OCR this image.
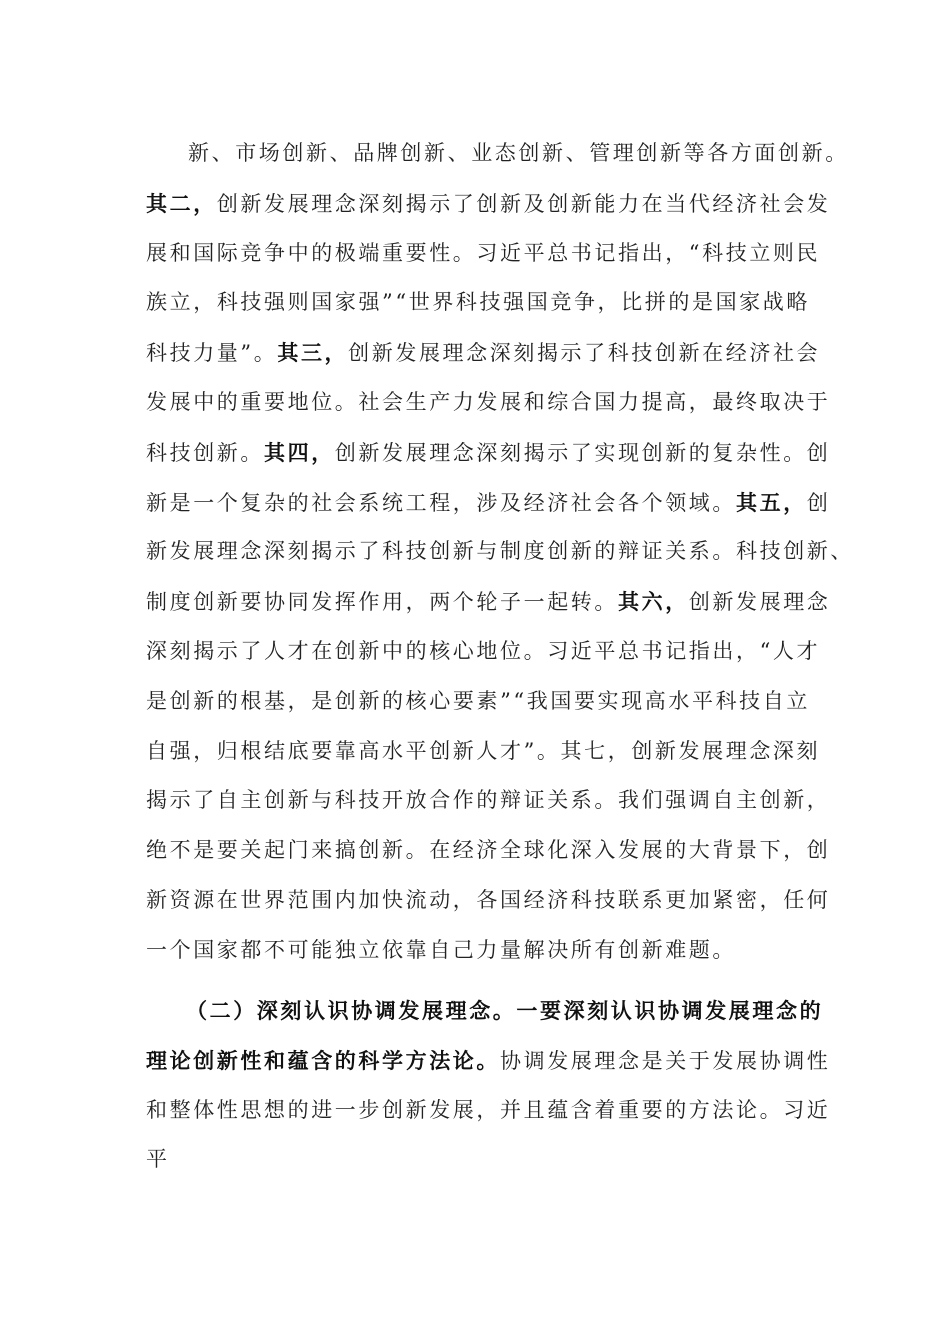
新、市场创新、品牌创新、业态创新、管理创新等各方面创新。
其二，创新发展理念深刻揭示了创新及创新能力在当代经济社会发
展和国际竞争中的极端重要性。习近平总书记指出，“科技立则民
族立，科技强则国家强”“世界科技强国竞争，比拼的是国家战略
科技力量”。其三，创新发展理念深刻揭示了科技创新在经济社会
发展中的重要地位。社会生产力发展和综合国力提高，最终取决于
科技创新。其四，创新发展理念深刻揭示了实现创新的复杂性。创
新是一个复杂的社会系统工程，涉及经济社会各个领域。其五，创
新发展理念深刻揭示了科技创新与制度创新的辩证关系。科技创新、
制度创新要协同发挥作用，两个轮子一起转。其六，创新发展理念
深刻揭示了人才在创新中的核心地位。习近平总书记指出，“人才
是创新的根基，是创新的核心要素”“我国要实现高水平科技自立
自强，归根结底要靠高水平创新人才”。其七，创新发展理念深刻
揭示了自主创新与科技开放合作的辩证关系。我们强调自主创新，
绝不是要关起门来搞创新。在经济全球化深入发展的大背景下，创
新资源在世界范围内加快流动，各国经济科技联系更加紧密，任何
一个国家都不可能独立依靠自己力量解决所有创新难题。
（二）深刻认识协调发展理念。一要深刻认识协调发展理念的
理论创新性和蕴含的科学方法论。协调发展理念是关于发展协调性
和整体性思想的进一步创新发展，并且蕴含着重要的方法论。习近
平
